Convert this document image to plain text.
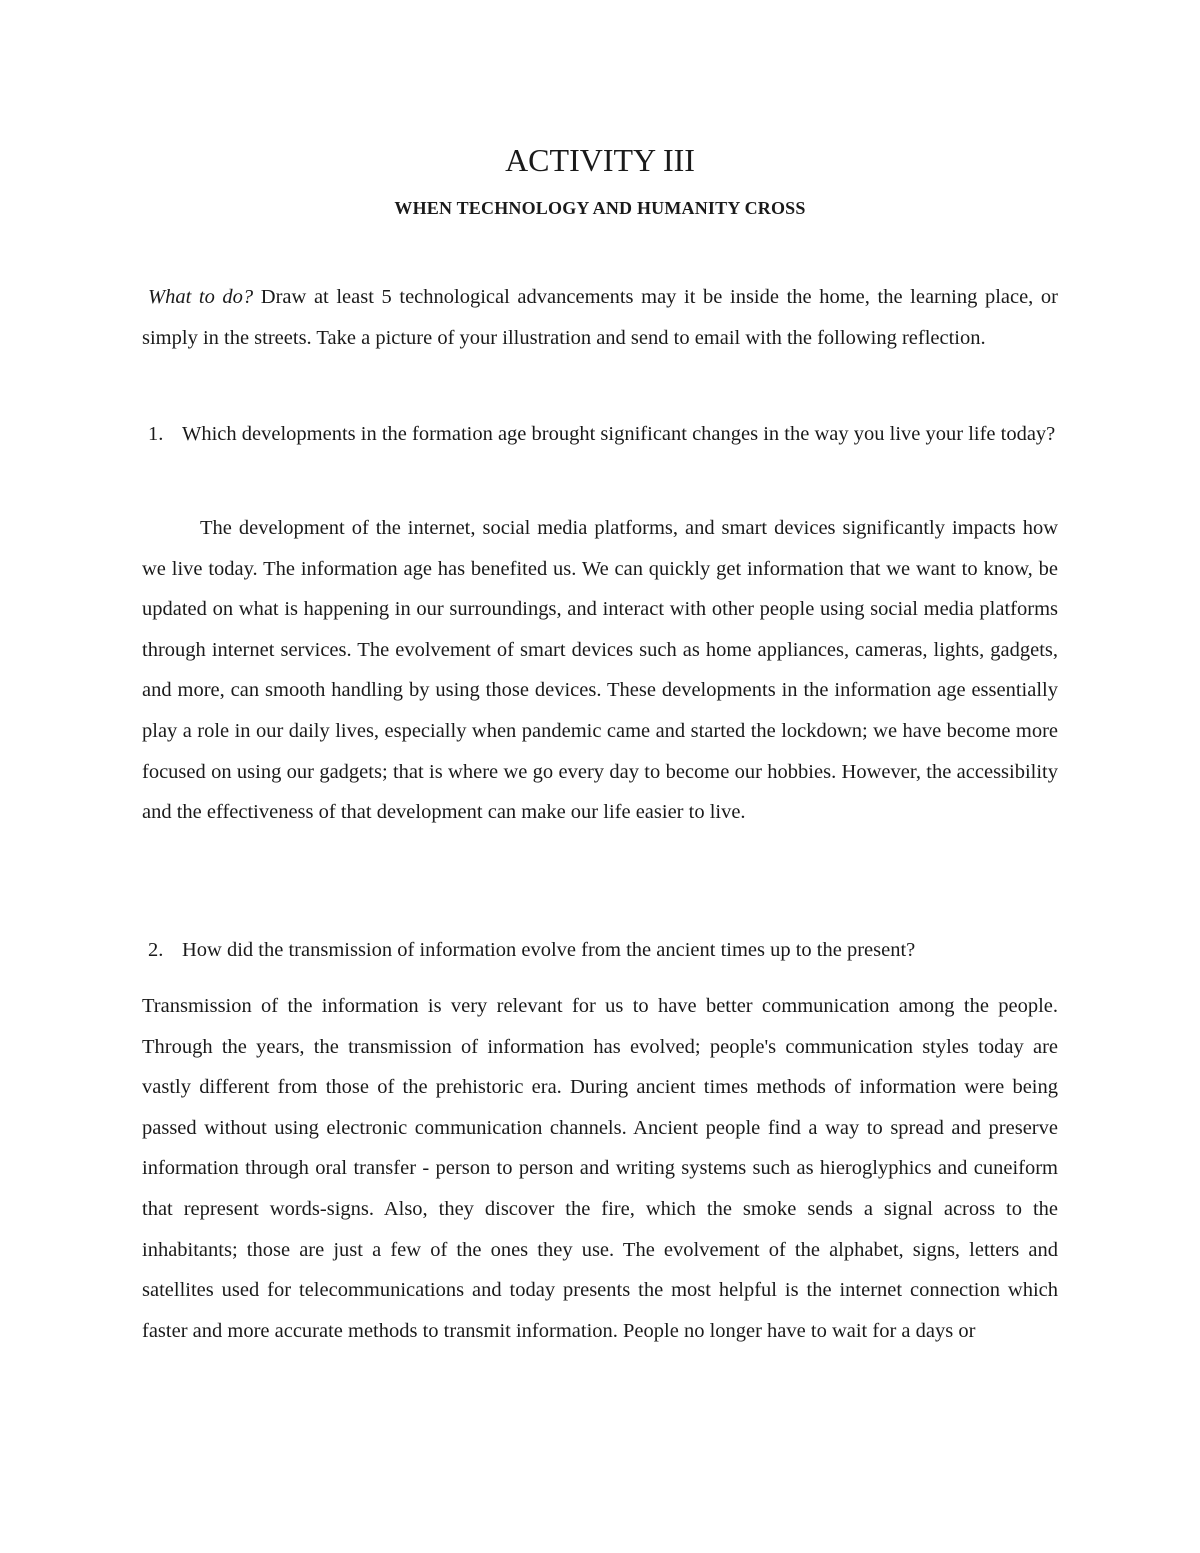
ACTIVITY III
WHEN TECHNOLOGY AND HUMANITY CROSS

What to do? Draw at least 5 technological advancements may it be inside the home, the learning place, or simply in the streets. Take a picture of your illustration and send to email with the following reflection.

1. Which developments in the formation age brought significant changes in the way you live your life today?

The development of the internet, social media platforms, and smart devices significantly impacts how we live today. The information age has benefited us. We can quickly get information that we want to know, be updated on what is happening in our surroundings, and interact with other people using social media platforms through internet services. The evolvement of smart devices such as home appliances, cameras, lights, gadgets, and more, can smooth handling by using those devices. These developments in the information age essentially play a role in our daily lives, especially when pandemic came and started the lockdown; we have become more focused on using our gadgets; that is where we go every day to become our hobbies. However, the accessibility and the effectiveness of that development can make our life easier to live.

2. How did the transmission of information evolve from the ancient times up to the present?

Transmission of the information is very relevant for us to have better communication among the people. Through the years, the transmission of information has evolved; people's communication styles today are vastly different from those of the prehistoric era. During ancient times methods of information were being passed without using electronic communication channels. Ancient people find a way to spread and preserve information through oral transfer - person to person and writing systems such as hieroglyphics and cuneiform that represent words-signs. Also, they discover the fire, which the smoke sends a signal across to the inhabitants; those are just a few of the ones they use. The evolvement of the alphabet, signs, letters and satellites used for telecommunications and today presents the most helpful is the internet connection which faster and more accurate methods to transmit information. People no longer have to wait for a days or
